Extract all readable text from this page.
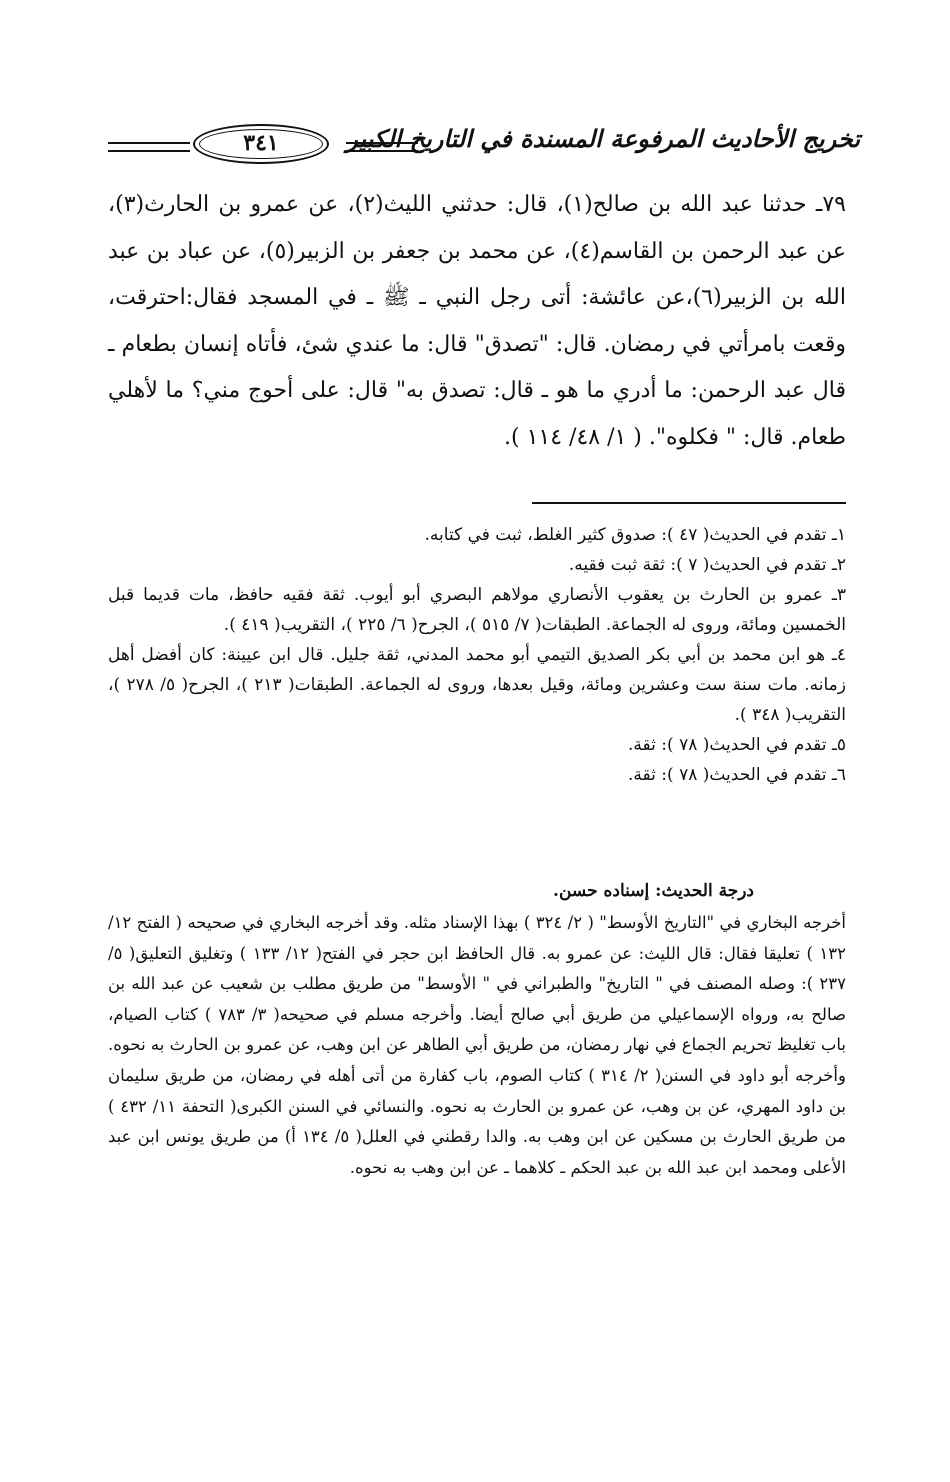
تخريج الأحاديث المرفوعة المسندة في التاريخ الكبير
٣٤١

٧٩ـ حدثنا عبد الله بن صالح(١)، قال: حدثني الليث(٢)، عن عمرو بن الحارث(٣)، عن عبد الرحمن بن القاسم(٤)، عن محمد بن جعفر بن الزبير(٥)، عن عباد بن عبد الله بن الزبير(٦)،عن عائشة: أتى رجل النبي ـ ﷺ ـ في المسجد فقال:احترقت، وقعت بامرأتي في رمضان. قال: "تصدق" قال: ما عندي شئ، فأتاه إنسان بطعام ـ قال عبد الرحمن: ما أدري ما هو ـ قال: تصدق به" قال: على أحوج مني؟ ما لأهلي طعام. قال: " فكلوه". ( ١/ ٤٨/ ١١٤ ).

١ـ تقدم في الحديث( ٤٧ ): صدوق كثير الغلط، ثبت في كتابه.

٢ـ تقدم في الحديث( ٧ ): ثقة ثبت فقيه.

٣ـ عمرو بن الحارث بن يعقوب الأنصاري مولاهم البصري أبو أيوب. ثقة فقيه حافظ، مات قديما قبل الخمسين ومائة، وروى له الجماعة. الطبقات( ٧/ ٥١٥ )، الجرح( ٦/ ٢٢٥ )، التقريب( ٤١٩ ).

٤ـ هو ابن محمد بن أبي بكر الصديق التيمي أبو محمد المدني، ثقة جليل. قال ابن عيينة: كان أفضل أهل زمانه. مات سنة ست وعشرين ومائة، وقيل بعدها، وروى له الجماعة. الطبقات( ٢١٣ )، الجرح( ٥/ ٢٧٨ )، التقريب( ٣٤٨ ).

٥ـ تقدم في الحديث( ٧٨ ): ثقة.

٦ـ تقدم في الحديث( ٧٨ ): ثقة.

درجة الحديث: إسناده حسن.

أخرجه البخاري في "التاريخ الأوسط" ( ٢/ ٣٢٤ ) بهذا الإسناد مثله. وقد أخرجه البخاري في صحيحه ( الفتح ١٢/ ١٣٢ ) تعليقا فقال: قال الليث: عن عمرو به. قال الحافظ ابن حجر في الفتح( ١٢/ ١٣٣ ) وتغليق التعليق( ٥/ ٢٣٧ ): وصله المصنف في " التاريخ" والطبراني في " الأوسط" من طريق مطلب بن شعيب عن عبد الله بن صالح به، ورواه الإسماعيلي من طريق أبي صالح أيضا. وأخرجه مسلم في صحيحه( ٣/ ٧٨٣ ) كتاب الصيام، باب تغليظ تحريم الجماع في نهار رمضان، من طريق أبي الطاهر عن ابن وهب، عن عمرو بن الحارث به نحوه. وأخرجه أبو داود في السنن( ٢/ ٣١٤ ) كتاب الصوم، باب كفارة من أتى أهله في رمضان، من طريق سليمان بن داود المهري، عن بن وهب، عن عمرو بن الحارث به نحوه. والنسائي في السنن الكبرى( التحفة ١١/ ٤٣٢ ) من طريق الحارث بن مسكين عن ابن وهب به. والدا رقطني في العلل( ٥/ ١٣٤ أ) من طريق يونس ابن عبد الأعلى ومحمد ابن عبد الله بن عبد الحكم ـ كلاهما ـ عن ابن وهب به نحوه.
